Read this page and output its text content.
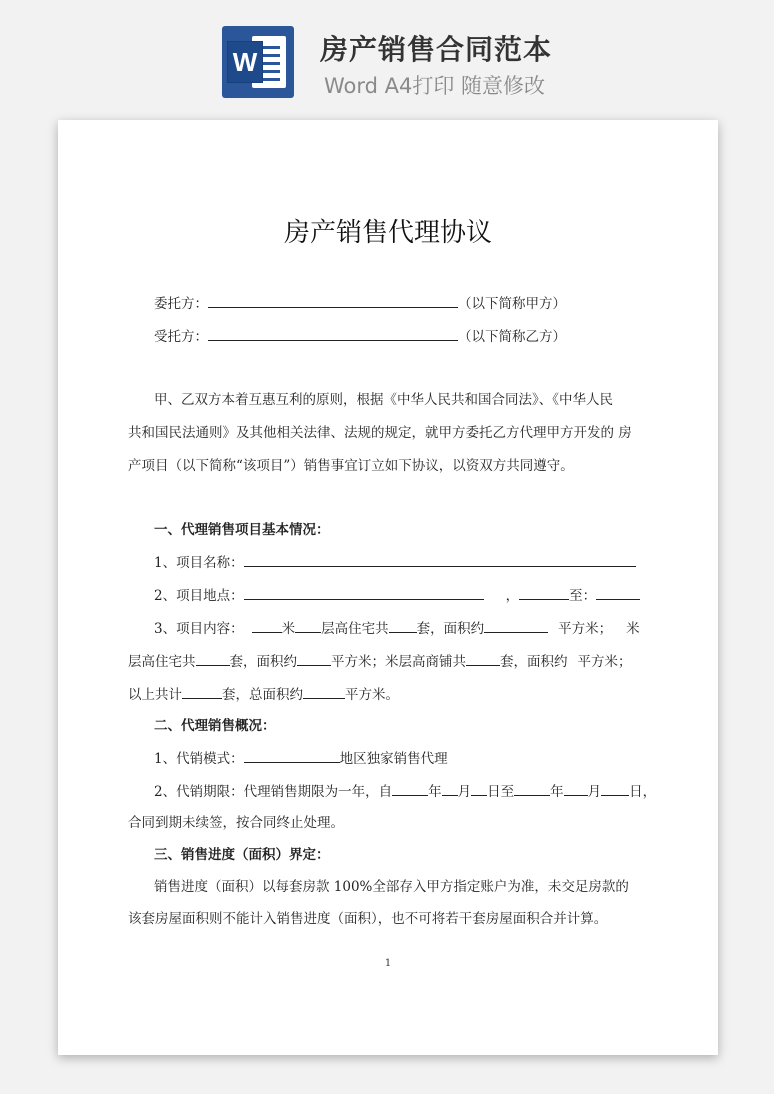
W 房产销售合同范本
Word A4打印 随意修改
房产销售代理协议
委托方：	（以下简称甲方）
受托方：	（以下简称乙方）
甲、乙双方本着互惠互利的原则，根据《中华人民共和国合同法》、《中华人民
共和国民法通则》及其他相关法律、法规的规定，就甲方委托乙方代理甲方开发的 房
产项目（以下简称“该项目”）销售事宜订立如下协议，以资双方共同遵守。
一、代理销售项目基本情况：
1、项目名称：
2、项目地点：	，	至：
3、项目内容：	米 层高住宅共 套，面积约	平方米； 米
层高住宅共	套，面积约	平方米；米层高商铺共	套，面积约 平方米；
以上共计	套，总面积约	平方米。
二、代理销售概况：
1、代销模式：	地区独家销售代理
2、代销期限：代理销售期限为一年，自	年 月 日至	年 月 日，
合同到期未续签，按合同终止处理。
三、销售进度（面积）界定：
销售进度（面积）以每套房款 100%全部存入甲方指定账户为准，未交足房款的
该套房屋面积则不能计入销售进度（面积），也不可将若干套房屋面积合并计算。
1
